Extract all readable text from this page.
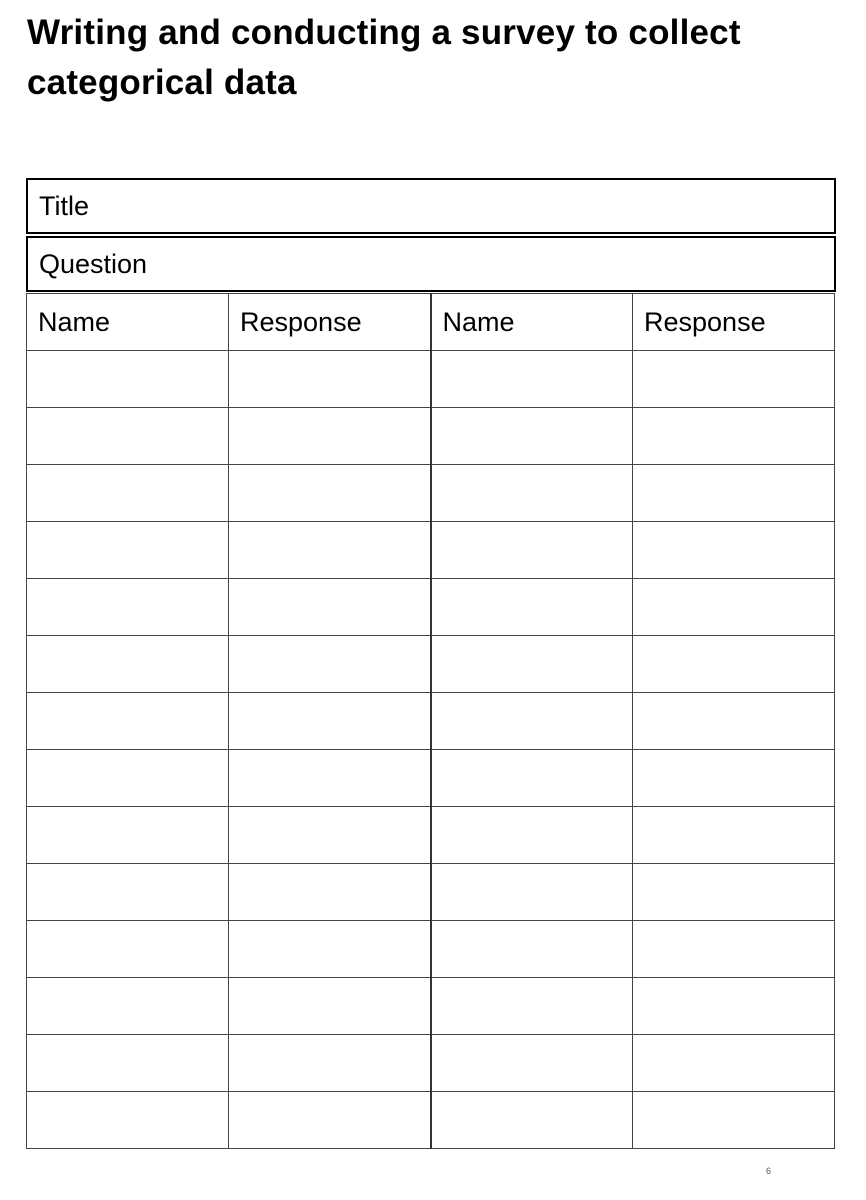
Writing and conducting a survey to collect
categorical data
Title
Question
Name	Response	Name	Response

6
